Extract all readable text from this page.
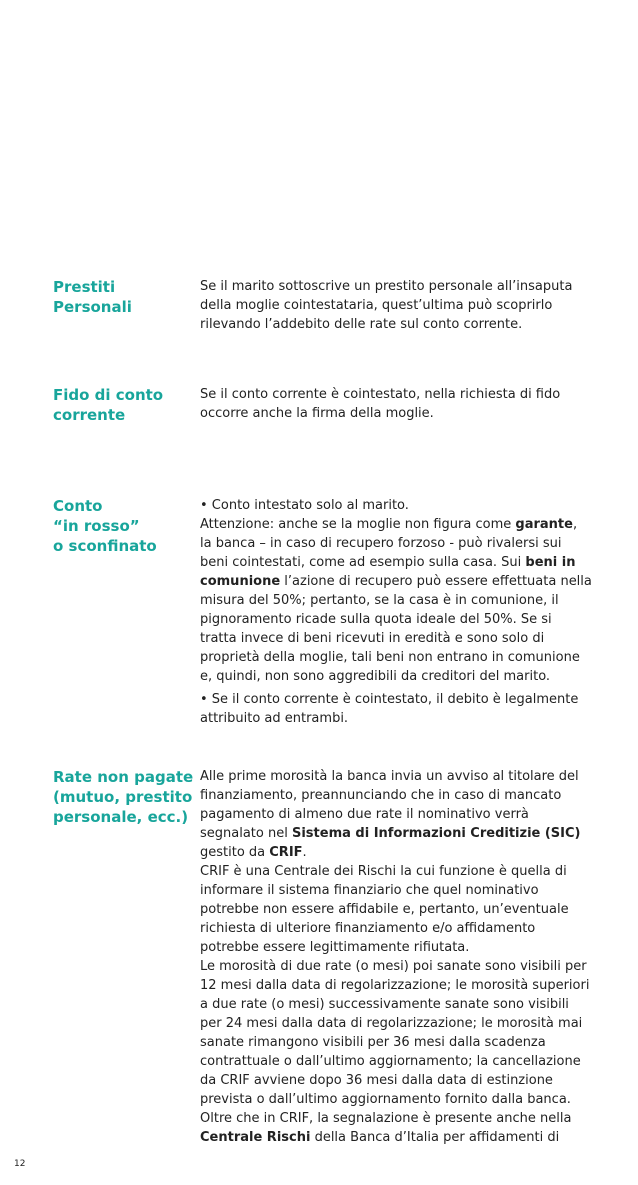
Prestiti
Personali

Se il marito sottoscrive un prestito personale all’insaputa della moglie cointestataria, quest’ultima può scoprirlo rilevando l’addebito delle rate sul conto corrente.

Fido di conto
corrente

Se il conto corrente è cointestato, nella richiesta di fido occorre anche la firma della moglie.

Conto
“in rosso”
o sconfinato

• Conto intestato solo al marito.

Attenzione: anche se la moglie non figura come garante, la banca – in caso di recupero forzoso - può rivalersi sui beni cointestati, come ad esempio sulla casa. Sui beni in comunione l’azione di recupero può essere effettuata nella misura del 50%; pertanto, se la casa è in comunione, il pignoramento ricade sulla quota ideale del 50%. Se si tratta invece di beni ricevuti in eredità e sono solo di proprietà della moglie, tali beni non entrano in comunione e, quindi, non sono aggredibili da creditori del marito.

• Se il conto corrente è cointestato, il debito è legalmente attribuito ad entrambi.

Rate non pagate
(mutuo, prestito
personale, ecc.)

Alle prime morosità la banca invia un avviso al titolare del finanziamento, preannunciando che in caso di mancato pagamento di almeno due rate il nominativo verrà segnalato nel Sistema di Informazioni Creditizie (SIC) gestito da CRIF.

CRIF è una Centrale dei Rischi la cui funzione è quella di informare il sistema finanziario che quel nominativo potrebbe non essere affidabile e, pertanto, un’eventuale richiesta di ulteriore finanziamento e/o affidamento potrebbe essere legittimamente rifiutata.

Le morosità di due rate (o mesi) poi sanate sono visibili per 12 mesi dalla data di regolarizzazione; le morosità superiori a due rate (o mesi) successivamente sanate sono visibili per 24 mesi dalla data di regolarizzazione; le morosità mai sanate rimangono visibili per 36 mesi dalla scadenza contrattuale o dall’ultimo aggiornamento; la cancellazione da CRIF avviene dopo 36 mesi dalla data di estinzione prevista o dall’ultimo aggiornamento fornito dalla banca.

Oltre che in CRIF, la segnalazione è presente anche nella Centrale Rischi della Banca d’Italia per affidamenti di

12
